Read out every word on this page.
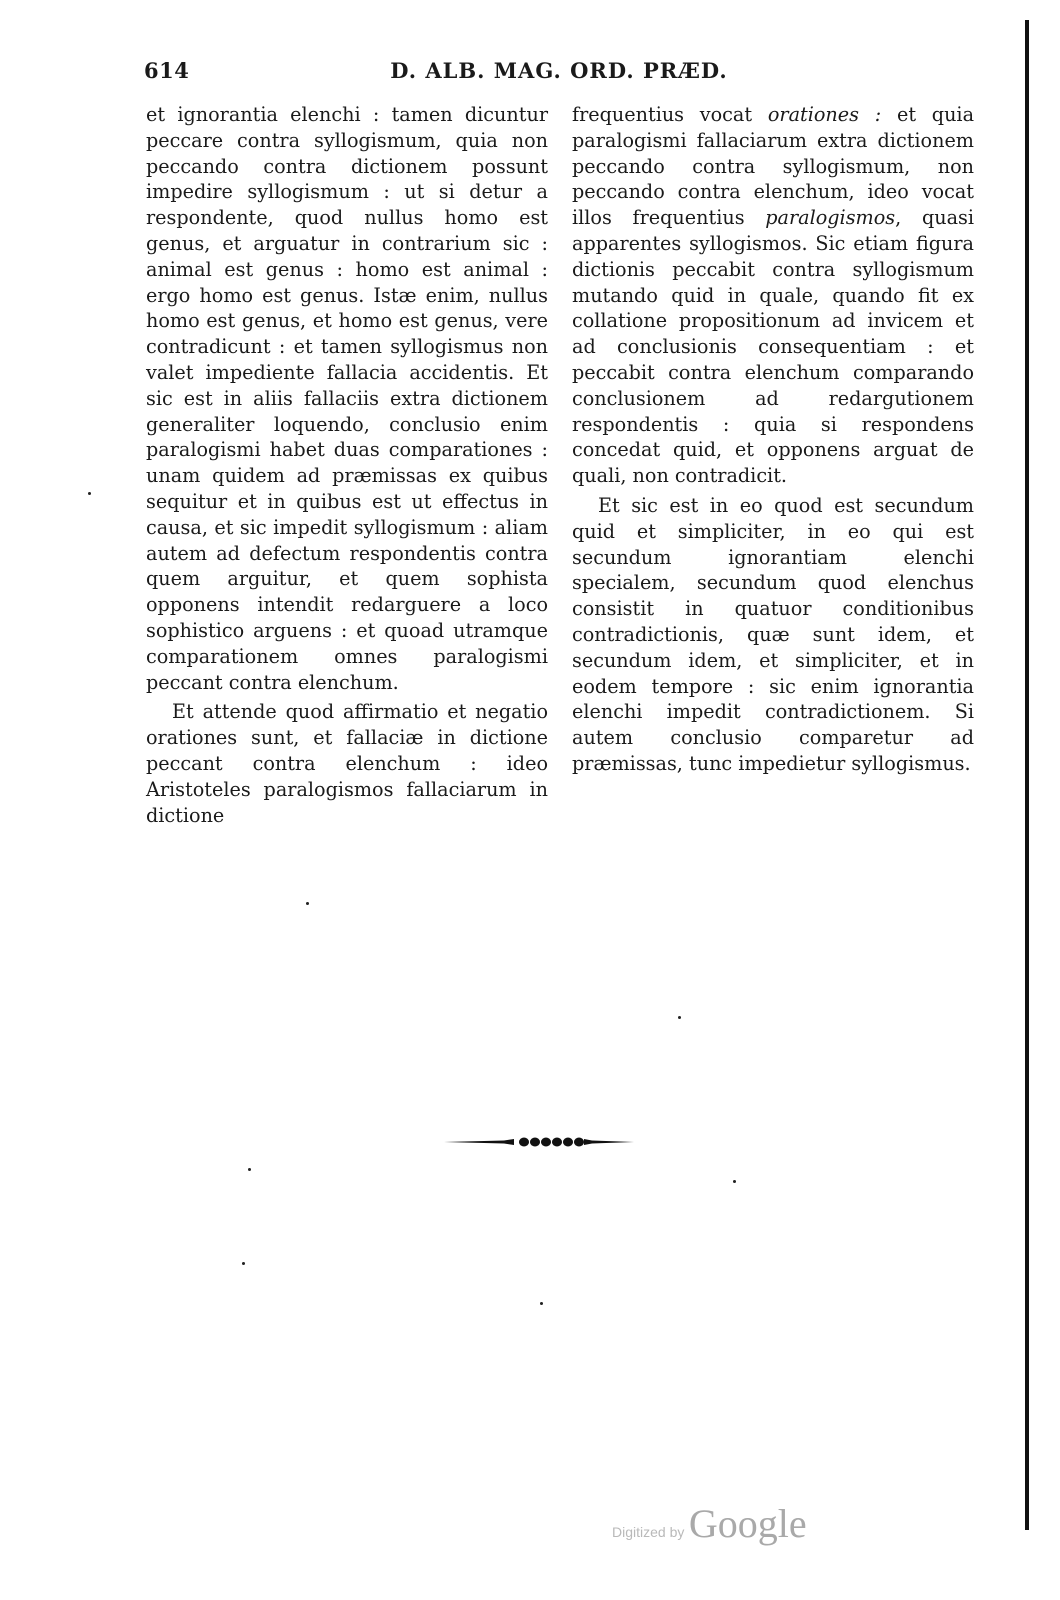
614	D. ALB. MAG. ORD. PRÆD.

et ignorantia elenchi : tamen dicuntur peccare contra syllogismum, quia non peccando contra dictionem possunt impedire syllogismum : ut si detur a respondente, quod nullus homo est genus, et arguatur in contrarium sic : animal est genus : homo est animal : ergo homo est genus. Istæ enim, nullus homo est genus, et homo est genus, vere contradicunt : et tamen syllogismus non valet impediente fallacia accidentis. Et sic est in aliis fallaciis extra dictionem generaliter loquendo, conclusio enim paralogismi habet duas comparationes : unam quidem ad præmissas ex quibus sequitur et in quibus est ut effectus in causa, et sic impedit syllogismum : aliam autem ad defectum respondentis contra quem arguitur, et quem sophista opponens intendit redarguere a loco sophistico arguens : et quoad utramque comparationem omnes paralogismi peccant contra elenchum.

Et attende quod affirmatio et negatio orationes sunt, et fallaciæ in dictione peccant contra elenchum : ideo Aristoteles paralogismos fallaciarum in dictione

frequentius vocat orationes : et quia paralogismi fallaciarum extra dictionem peccando contra syllogismum, non peccando contra elenchum, ideo vocat illos frequentius paralogismos, quasi apparentes syllogismos. Sic etiam figura dictionis peccabit contra syllogismum mutando quid in quale, quando fit ex collatione propositionum ad invicem et ad conclusionis consequentiam : et peccabit contra elenchum comparando conclusionem ad redargutionem respondentis : quia si respondens concedat quid, et opponens arguat de quali, non contradicit.

Et sic est in eo quod est secundum quid et simpliciter, in eo qui est secundum ignorantiam elenchi specialem, secundum quod elenchus consistit in quatuor conditionibus contradictionis, quæ sunt idem, et secundum idem, et simpliciter, et in eodem tempore : sic enim ignorantia elenchi impedit contradictionem. Si autem conclusio comparetur ad præmissas, tunc impedietur syllogismus.

Digitized by Google
